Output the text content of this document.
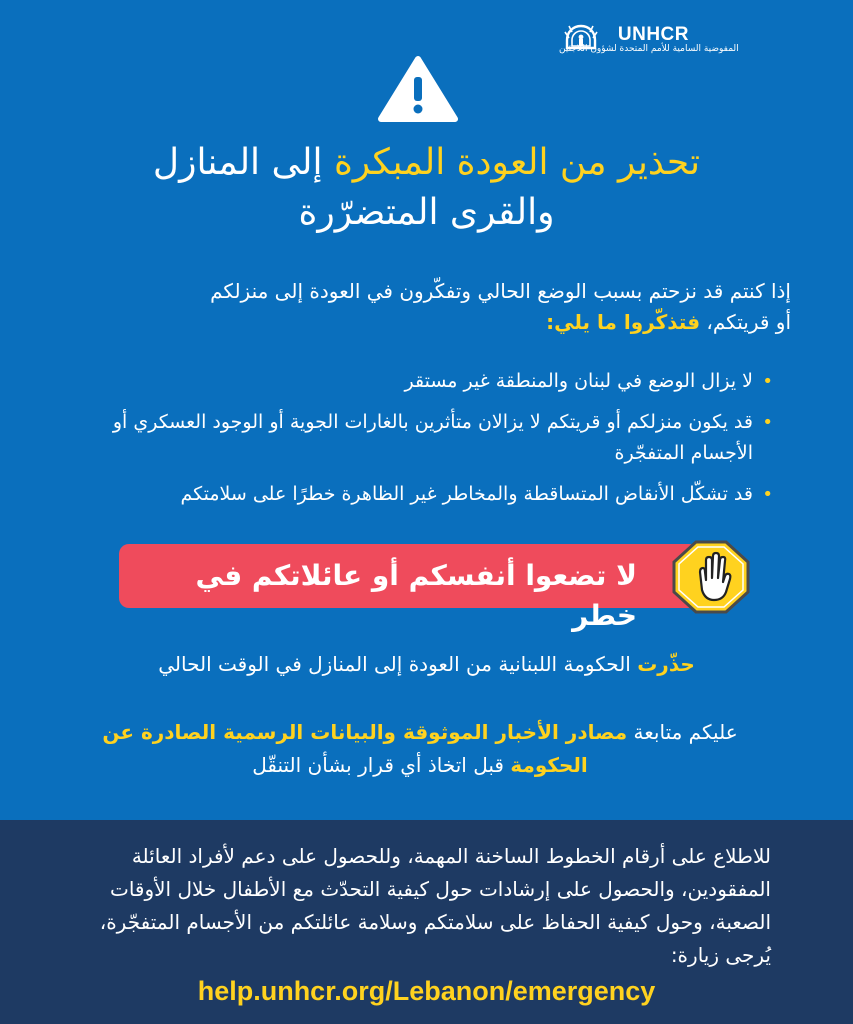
UNHCR
المفوضية السامية للأمم المتحدة لشؤون اللاجئين
تحذير من العودة المبكرة إلى المنازل
والقرى المتضرّرة
إذا كنتم قد نزحتم بسبب الوضع الحالي وتفكّرون في العودة إلى منزلكم
أو قريتكم، فتذكّروا ما يلي:
•
لا يزال الوضع في لبنان والمنطقة غير مستقر
•
قد يكون منزلكم أو قريتكم لا يزالان متأثرين بالغارات الجوية أو الوجود العسكري أو الأجسام المتفجّرة
•
قد تشكّل الأنقاض المتساقطة والمخاطر غير الظاهرة خطرًا على سلامتكم
لا تضعوا أنفسكم أو عائلاتكم في خطر
حذّرت الحكومة اللبنانية من العودة إلى المنازل في الوقت الحالي
عليكم متابعة مصادر الأخبار الموثوقة والبيانات الرسمية الصادرة عن
الحكومة قبل اتخاذ أي قرار بشأن التنقّل
للاطلاع على أرقام الخطوط الساخنة المهمة، وللحصول على دعم لأفراد العائلة المفقودين، والحصول على إرشادات حول كيفية التحدّث مع الأطفال خلال الأوقات الصعبة، وحول كيفية الحفاظ على سلامتكم وسلامة عائلتكم من الأجسام المتفجّرة، يُرجى زيارة:
help.unhcr.org/Lebanon/emergency
